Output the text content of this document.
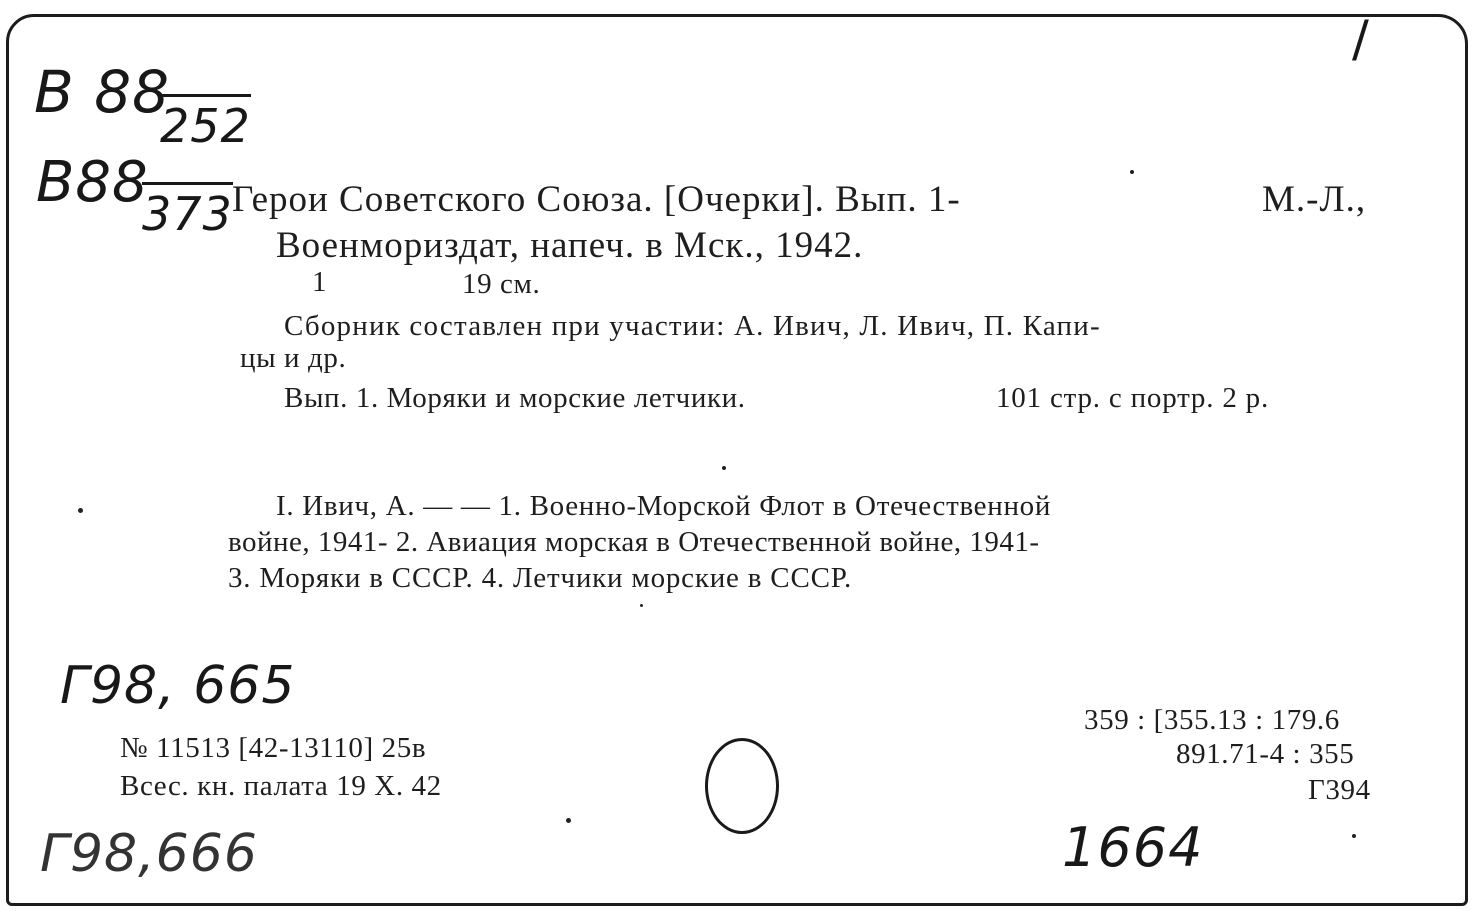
B 88
252
B88
373
/
Герои Советского Союза. [Очерки]. Вып. 1-	М.-Л.,
Военмориздат, напеч. в Мск., 1942.
1	19 см.
Сборник составлен при участии: А. Ивич, Л. Ивич, П. Капи-
цы и др.
Вып. 1. Моряки и морские летчики.	101 стр. с портр. 2 р.
I. Ивич, А. — — 1. Военно-Морской Флот в Отечественной
войне, 1941- 2. Авиация морская в Отечественной войне, 1941-
3. Моряки в СССР. 4. Летчики морские в СССР.
Г98, 665
Г98,666	1664
№ 11513 [42-13110] 25в
Всес. кн. палата 19 X. 42
359 : [355.13 : 179.6
891.71-4 : 355
Г394
